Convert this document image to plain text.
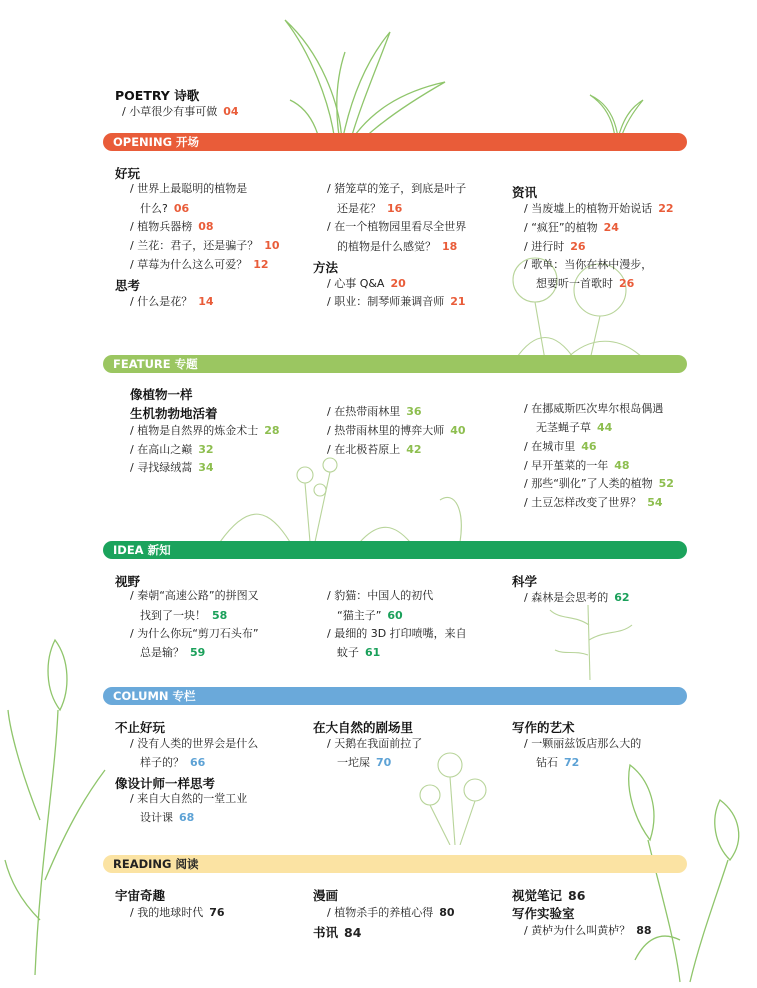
POETRY 诗歌
/ 小草很少有事可做 04
OPENING 开场
好玩
/ 世界上最聪明的植物是
什么? 06
/ 植物兵器榜 08
/ 兰花：君子，还是骗子？ 10
/ 草莓为什么这么可爱？ 12
思考
/ 什么是花？ 14
/ 猪笼草的笼子，到底是叶子
还是花？ 16
/ 在一个植物园里看尽全世界
的植物是什么感觉？ 18
方法
/ 心事 Q&A 20
/ 职业：制琴师兼调音师 21
资讯
/ 当废墟上的植物开始说话 22
/ “疯狂”的植物 24
/ 进行时 26
/ 歌单：当你在林中漫步，
想要听一首歌时 26
FEATURE 专题
像植物一样
生机勃勃地活着
/ 植物是自然界的炼金术士 28
/ 在高山之巅 32
/ 寻找绿绒蒿 34
/ 在热带雨林里 36
/ 热带雨林里的博弈大师 40
/ 在北极苔原上 42
/ 在挪威斯匹次卑尔根岛偶遇
无茎蝇子草 44
/ 在城市里 46
/ 早开堇菜的一年 48
/ 那些“驯化”了人类的植物 52
/ 土豆怎样改变了世界？ 54
IDEA 新知
视野
/ 秦朝“高速公路”的拼图又
找到了一块！ 58
/ 为什么你玩“剪刀石头布”
总是输？ 59
/ 豹猫：中国人的初代
“猫主子” 60
/ 最细的 3D 打印喷嘴，来自
蚊子 61
科学
/ 森林是会思考的 62
COLUMN 专栏
不止好玩
/ 没有人类的世界会是什么
样子的？ 66
像设计师一样思考
/ 来自大自然的一堂工业
设计课 68
在大自然的剧场里
/ 天鹅在我面前拉了
一坨屎 70
写作的艺术
/ 一颗丽兹饭店那么大的
钻石 72
READING 阅读
宇宙奇趣
/ 我的地球时代 76
漫画
/ 植物杀手的养植心得 80
书讯 84
视觉笔记 86
写作实验室
/ 黄栌为什么叫黄栌？ 88
